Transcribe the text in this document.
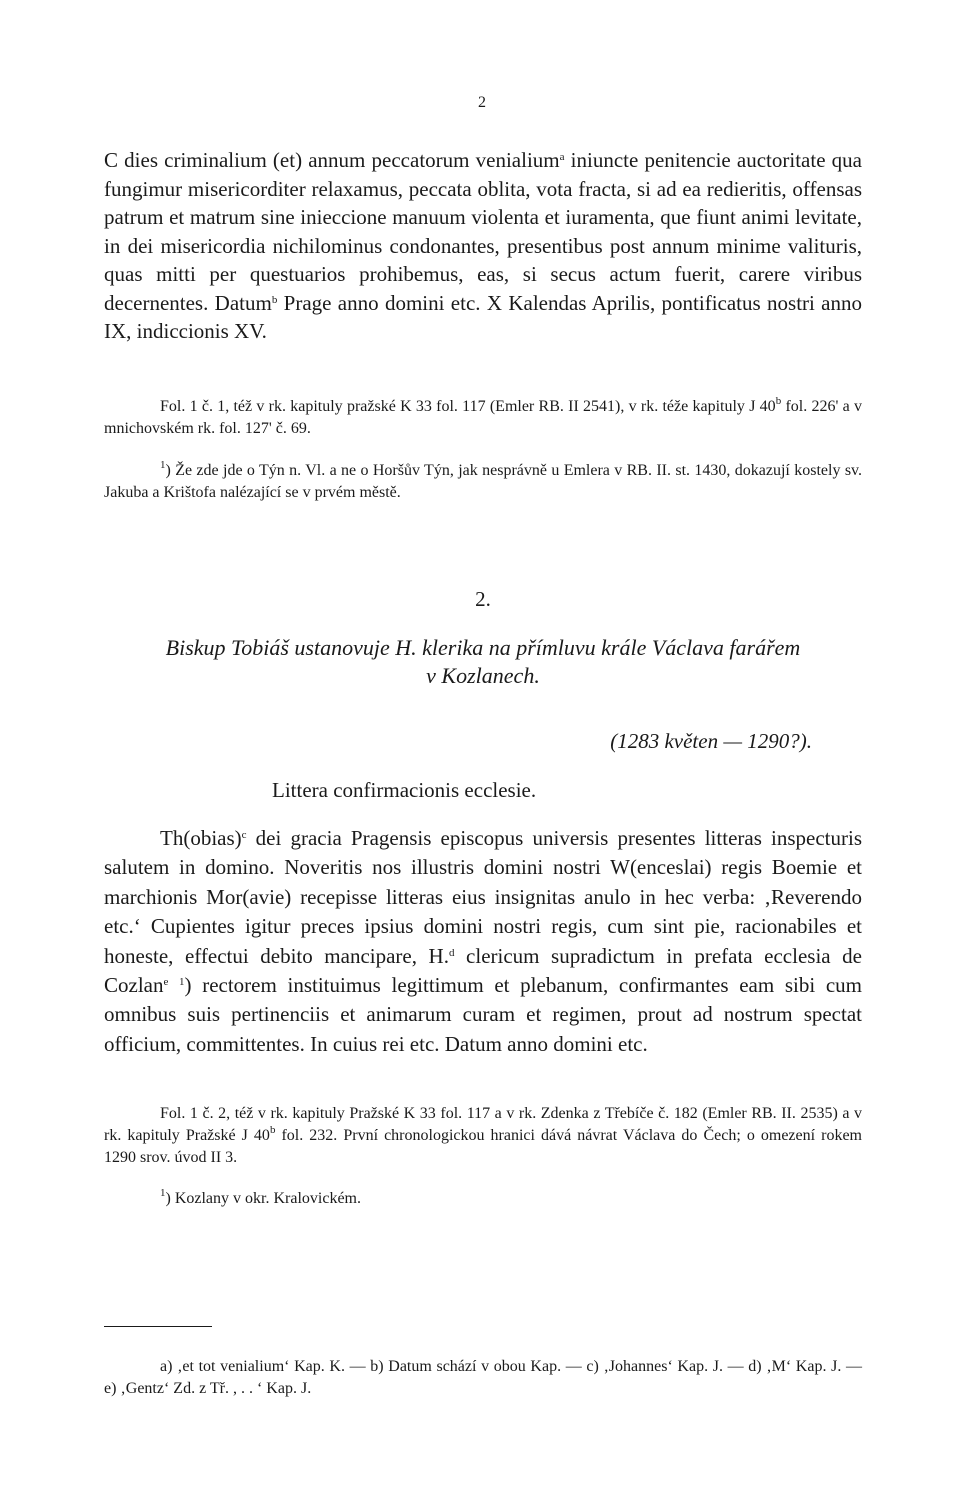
2

C dies criminalium (et) annum peccatorum venialium$^a$ iniuncte penitencie auctoritate qua fungimur misericorditer relaxamus, peccata oblita, vota fracta, si ad ea redieritis, offensas patrum et matrum sine inieccione manuum violenta et iuramenta, que fiunt animi levitate, in dei misericordia nichilominus condonantes, presentibus post annum minime valituris, quas mitti per questuarios prohibemus, eas, si secus actum fuerit, carere viribus decernentes. Datum$^b$ Prage anno domini etc. X Kalendas Aprilis, pontificatus nostri anno IX, indiccionis XV.

Fol. 1 č. 1, též v rk. kapituly pražské K 33 fol. 117 (Emler RB. II 2541), v rk. téže kapituly J 40$^b$ fol. 226' a v mnichovském rk. fol. 127' č. 69.

$^1$) Že zde jde o Týn n. Vl. a ne o Horšův Týn, jak nesprávně u Emlera v RB. II. st. 1430, dokazují kostely sv. Jakuba a Krištofa nalézající se v prvém městě.

2.
Biskup Tobiáš ustanovuje H. klerika na přímluvu krále Václava farářem
v Kozlanech.
(1283 květen — 1290?).
Littera confirmacionis ecclesie.

Th(obias)$^c$ dei gracia Pragensis episcopus universis presentes litteras inspecturis salutem in domino. Noveritis nos illustris domini nostri W(enceslai) regis Boemie et marchionis Mor(avie) recepisse litteras eius insignitas anulo in hec verba: ‚Reverendo etc.‘ Cupientes igitur preces ipsius domini nostri regis, cum sint pie, racionabiles et honeste, effectui debito mancipare, H.$^d$ clericum supradictum in prefata ecclesia de Cozlan$^e$ $^1$) rectorem instituimus legittimum et plebanum, confirmantes eam sibi cum omnibus suis pertinenciis et animarum curam et regimen, prout ad nostrum spectat officium, committentes. In cuius rei etc. Datum anno domini etc.

Fol. 1 č. 2, též v rk. kapituly Pražské K 33 fol. 117 a v rk. Zdenka z Třebíče č. 182 (Emler RB. II. 2535) a v rk. kapituly Pražské J 40$^b$ fol. 232. První chronologickou hranici dává návrat Václava do Čech; o omezení rokem 1290 srov. úvod II 3.

$^1$) Kozlany v okr. Kralovickém.

a) ‚et tot venialium‘ Kap. K. — b) Datum schází v obou Kap. — c) ‚Johannes‘ Kap. J. — d) ‚M‘ Kap. J. — e) ‚Gentz‘ Zd. z Tř. , . . ‘ Kap. J.
